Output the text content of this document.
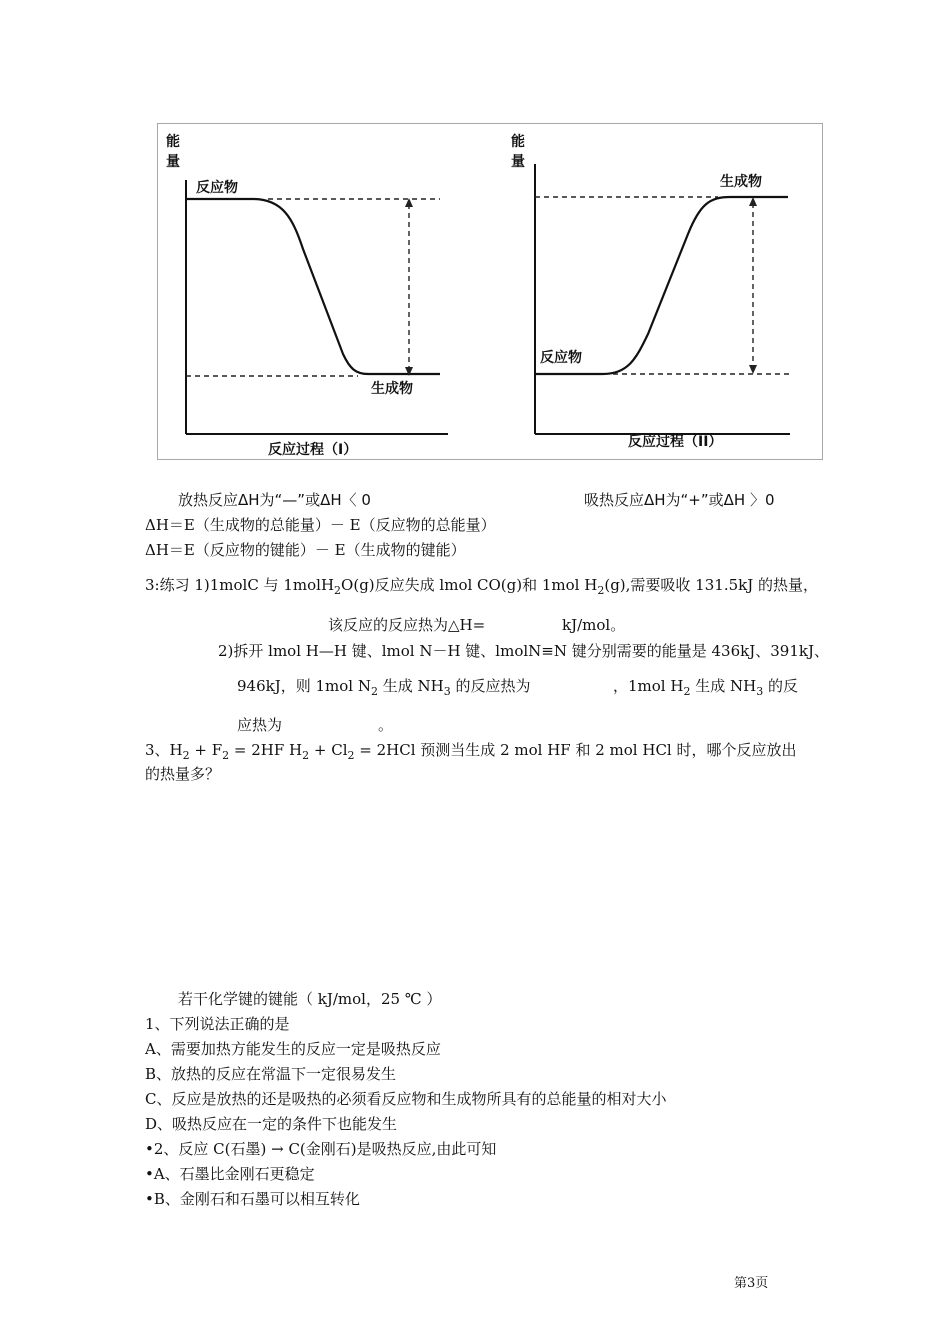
能
量
反应物
生成物
反应过程（I）
能
量
生成物
反应物
反应过程（II）
放热反应ΔH为“—”或ΔH〈 0	吸热反应ΔH为“+”或ΔH 〉0
ΔH＝E（生成物的总能量）－ E（反应物的总能量）
ΔH＝E（反应物的键能）－ E（生成物的键能）
3:练习 1)1molC 与 1molH$_2$O(g)反应失成 lmol CO(g)和 1mol $H_2(g)$,需要吸收 131.5kJ 的热量，
该反应的反应热为△H=	kJ/mol。
2)拆开 lmol H—H 键、lmol N－H 键、lmolN≡N 键分别需要的能量是 436kJ、391kJ、
946kJ，则 1mol $N_2$ 生成 $NH_3$ 的反应热为	，1mol $H_2$ 生成 $NH_3$ 的反
应热为	。
3、$H_2 + F_2 = 2HF$ $H_2 + Cl_2 = 2HCl$ 预测当生成 2 mol HF 和 2 mol HCl 时，哪个反应放出
的热量多？
若干化学键的键能（ kJ/mol，25 ℃ ）
1、下列说法正确的是
A、需要加热方能发生的反应一定是吸热反应
B、放热的反应在常温下一定很易发生
C、反应是放热的还是吸热的必须看反应物和生成物所具有的总能量的相对大小
D、吸热反应在一定的条件下也能发生
•2、反应 C(石墨) → C(金刚石)是吸热反应,由此可知
•A、石墨比金刚石更稳定
•B、金刚石和石墨可以相互转化
第3页
